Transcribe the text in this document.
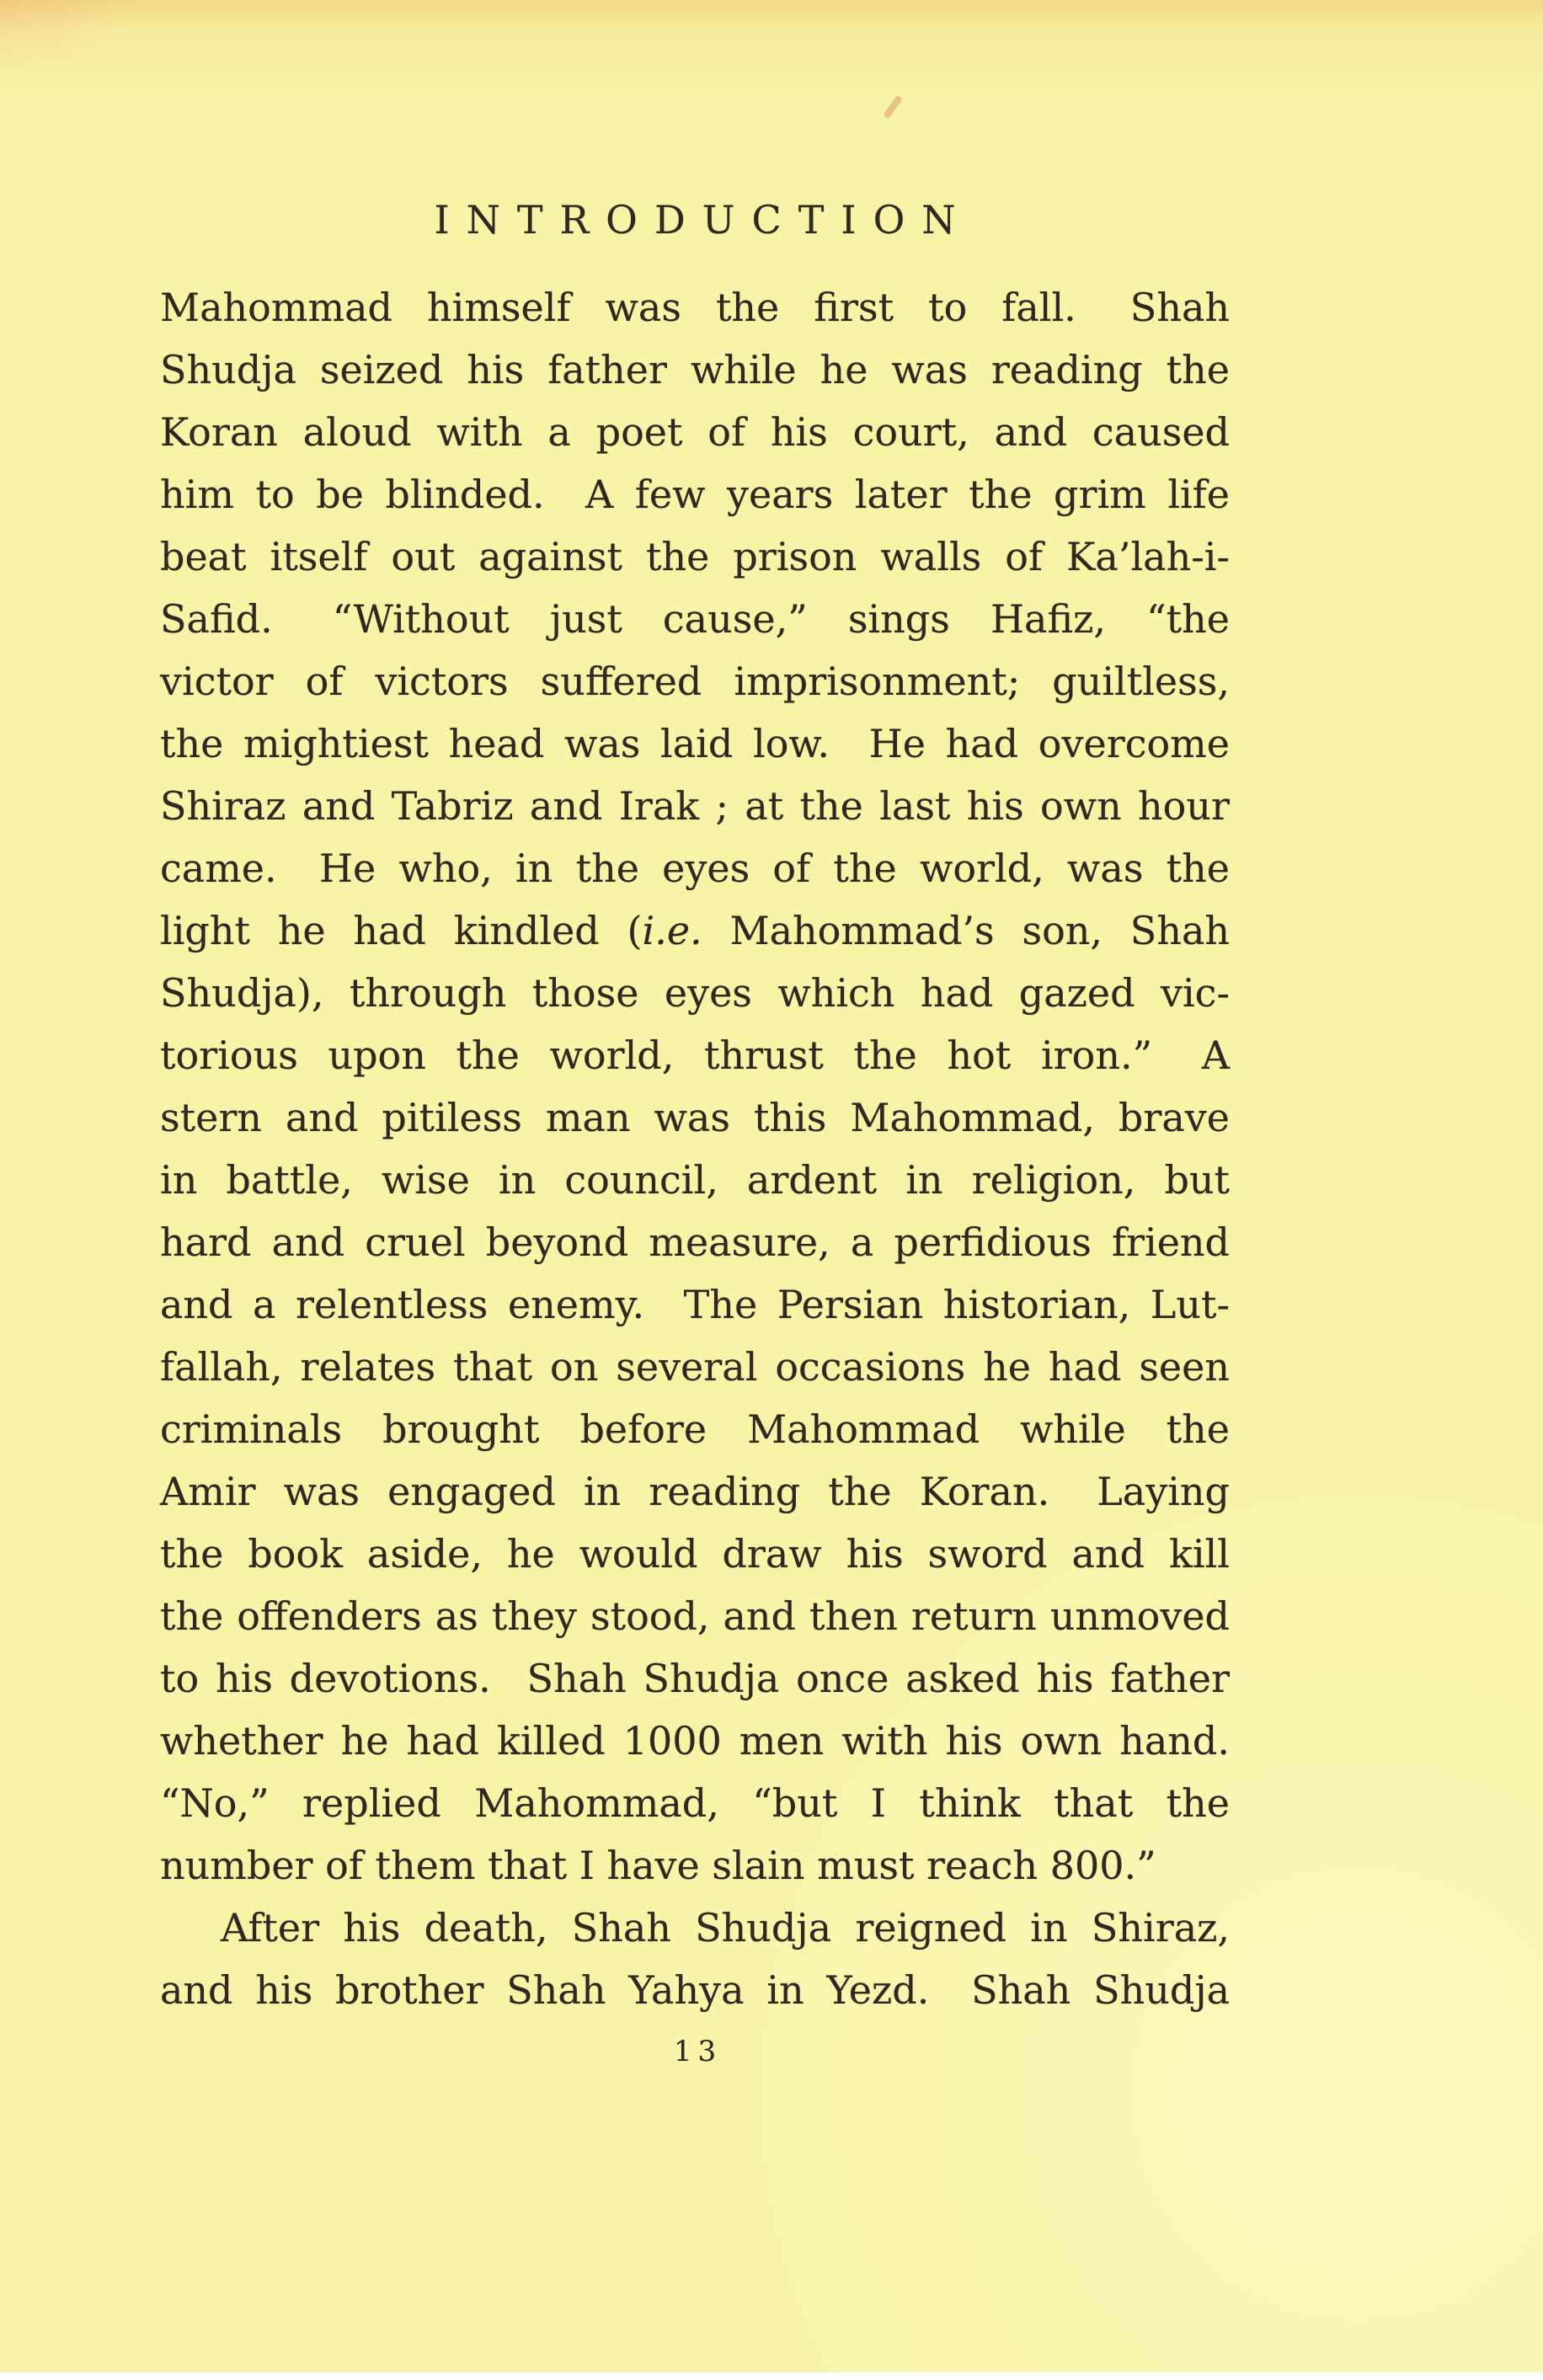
INTRODUCTION
Mahommad himself was the first to fall.  Shah
Shudja seized his father while he was reading the
Koran aloud with a poet of his court, and caused
him to be blinded.  A few years later the grim life
beat itself out against the prison walls of Ka’lah-i-
Safid.  “Without just cause,” sings Hafiz, “the
victor of victors suffered imprisonment; guiltless,
the mightiest head was laid low.  He had overcome
Shiraz and Tabriz and Irak ; at the last his own hour
came.  He who, in the eyes of the world, was the
light he had kindled (i.e. Mahommad’s son, Shah
Shudja), through those eyes which had gazed vic-
torious upon the world, thrust the hot iron.”  A
stern and pitiless man was this Mahommad, brave
in battle, wise in council, ardent in religion, but
hard and cruel beyond measure, a perfidious friend
and a relentless enemy.  The Persian historian, Lut-
fallah, relates that on several occasions he had seen
criminals brought before Mahommad while the
Amir was engaged in reading the Koran.  Laying
the book aside, he would draw his sword and kill
the offenders as they stood, and then return unmoved
to his devotions.  Shah Shudja once asked his father
whether he had killed 1000 men with his own hand.
“No,” replied Mahommad, “but I think that the
number of them that I have slain must reach 800.”
After his death, Shah Shudja reigned in Shiraz,
and his brother Shah Yahya in Yezd.  Shah Shudja
13
